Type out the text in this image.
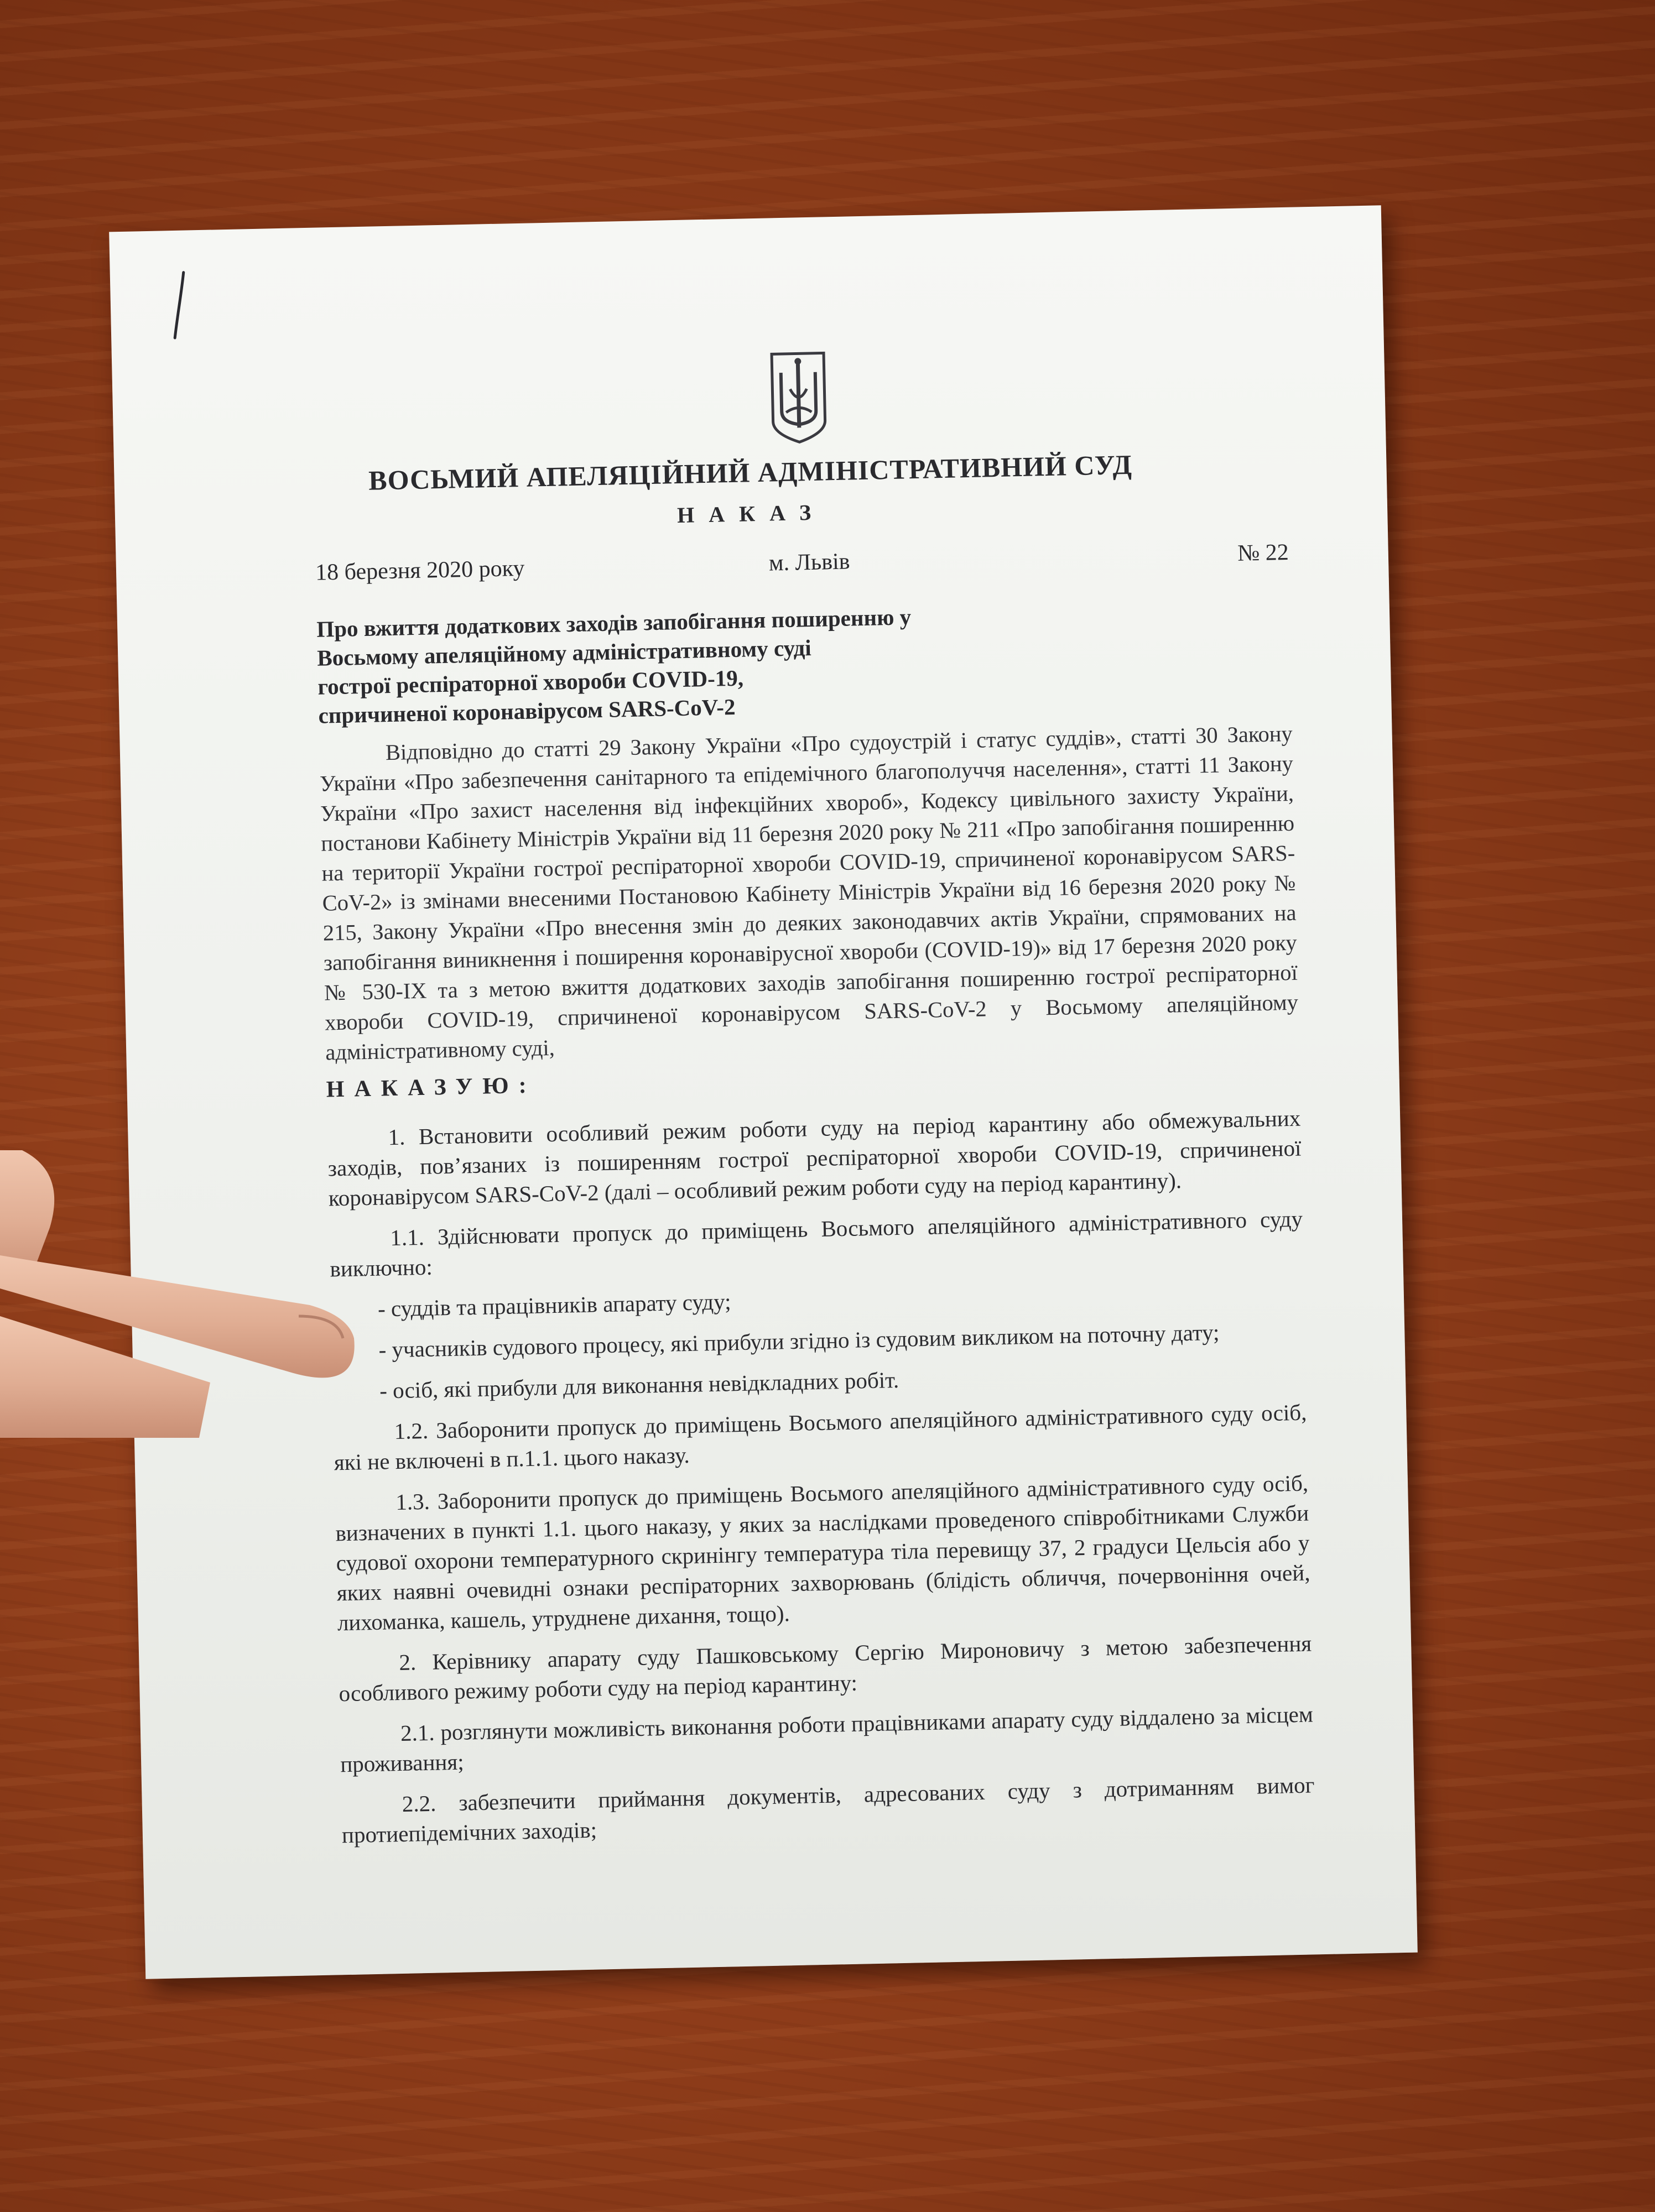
ВОСЬМИЙ АПЕЛЯЦІЙНИЙ АДМІНІСТРАТИВНИЙ СУД
НАКАЗ
18 березня 2020 року	м. Львів	№ 22
Про вжиття додаткових заходів запобігання поширенню у
Восьмому апеляційному адміністративному суді
гострої респіраторної хвороби COVID-19,
спричиненої коронавірусом SARS-CoV-2
Відповідно до статті 29 Закону України «Про судоустрій і статус суддів», статті 30 Закону України «Про забезпечення санітарного та епідемічного благополуччя населення», статті 11 Закону України «Про захист населення від інфекційних хвороб», Кодексу цивільного захисту України, постанови Кабінету Міністрів України від 11 березня 2020 року № 211 «Про запобігання поширенню на території України гострої респіраторної хвороби COVID-19, спричиненої коронавірусом SARS-CoV-2» із змінами внесеними Постановою Кабінету Міністрів України від 16 березня 2020 року № 215, Закону України «Про внесення змін до деяких законодавчих актів України, спрямованих на запобігання виникнення і поширення коронавірусної хвороби (COVID-19)» від 17 березня 2020 року № 530-ІХ та з метою вжиття додаткових заходів запобігання поширенню гострої респіраторної хвороби COVID-19, спричиненої коронавірусом SARS-CoV-2 у Восьмому апеляційному адміністративному суді,
НАКАЗУЮ:

1. Встановити особливий режим роботи суду на період карантину або обмежувальних заходів, пов’язаних із поширенням гострої респіраторної хвороби COVID-19, спричиненої коронавірусом SARS-CoV-2 (далі – особливий режим роботи суду на період карантину).

1.1. Здійснювати пропуск до приміщень Восьмого апеляційного адміністративного суду виключно:

- суддів та працівників апарату суду;

- учасників судового процесу, які прибули згідно із судовим викликом на поточну дату;

- осіб, які прибули для виконання невідкладних робіт.

1.2. Заборонити пропуск до приміщень Восьмого апеляційного адміністративного суду осіб, які не включені в п.1.1. цього наказу.

1.3. Заборонити пропуск до приміщень Восьмого апеляційного адміністративного суду осіб, визначених в пункті 1.1. цього наказу, у яких за наслідками проведеного співробітниками Служби судової охорони температурного скринінгу температура тіла перевищу 37, 2 градуси Цельсія або у яких наявні очевидні ознаки респіраторних захворювань (блідість обличчя, почервоніння очей, лихоманка, кашель, утруднене дихання, тощо).

2. Керівнику апарату суду Пашковському Сергію Мироновичу з метою забезпечення особливого режиму роботи суду на період карантину:

2.1. розглянути можливість виконання роботи працівниками апарату суду віддалено за місцем проживання;

2.2. забезпечити приймання документів, адресованих суду з дотриманням вимог протиепідемічних заходів;
